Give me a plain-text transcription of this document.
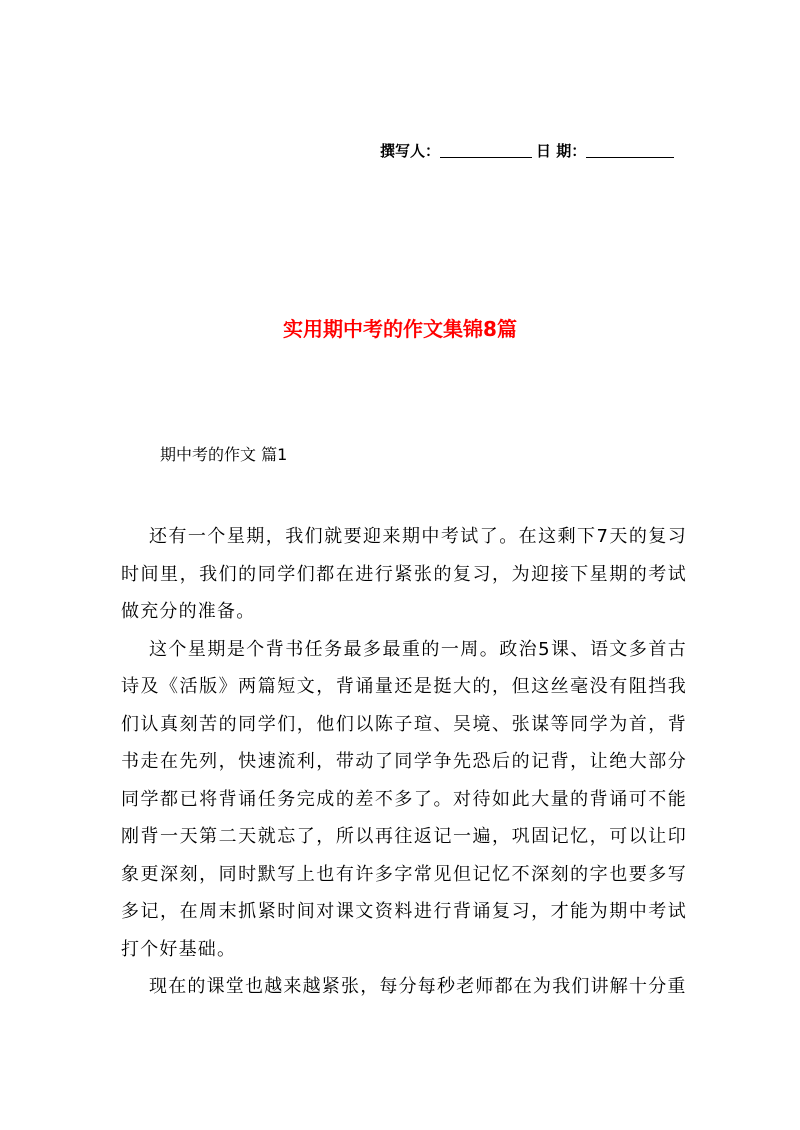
撰写人：	日 期：
实用期中考的作文集锦8篇
期中考的作文 篇1

还有一个星期，我们就要迎来期中考试了。在这剩下7天的复习时间里，我们的同学们都在进行紧张的复习，为迎接下星期的考试做充分的准备。

这个星期是个背书任务最多最重的一周。政治5课、语文多首古诗及《活版》两篇短文，背诵量还是挺大的，但这丝毫没有阻挡我们认真刻苦的同学们，他们以陈子瑄、吴境、张谋等同学为首，背书走在先列，快速流利，带动了同学争先恐后的记背，让绝大部分同学都已将背诵任务完成的差不多了。对待如此大量的背诵可不能刚背一天第二天就忘了，所以再往返记一遍，巩固记忆，可以让印象更深刻，同时默写上也有许多字常见但记忆不深刻的字也要多写多记，在周末抓紧时间对课文资料进行背诵复习，才能为期中考试打个好基础。

现在的课堂也越来越紧张，每分每秒老师都在为我们讲解十分重
